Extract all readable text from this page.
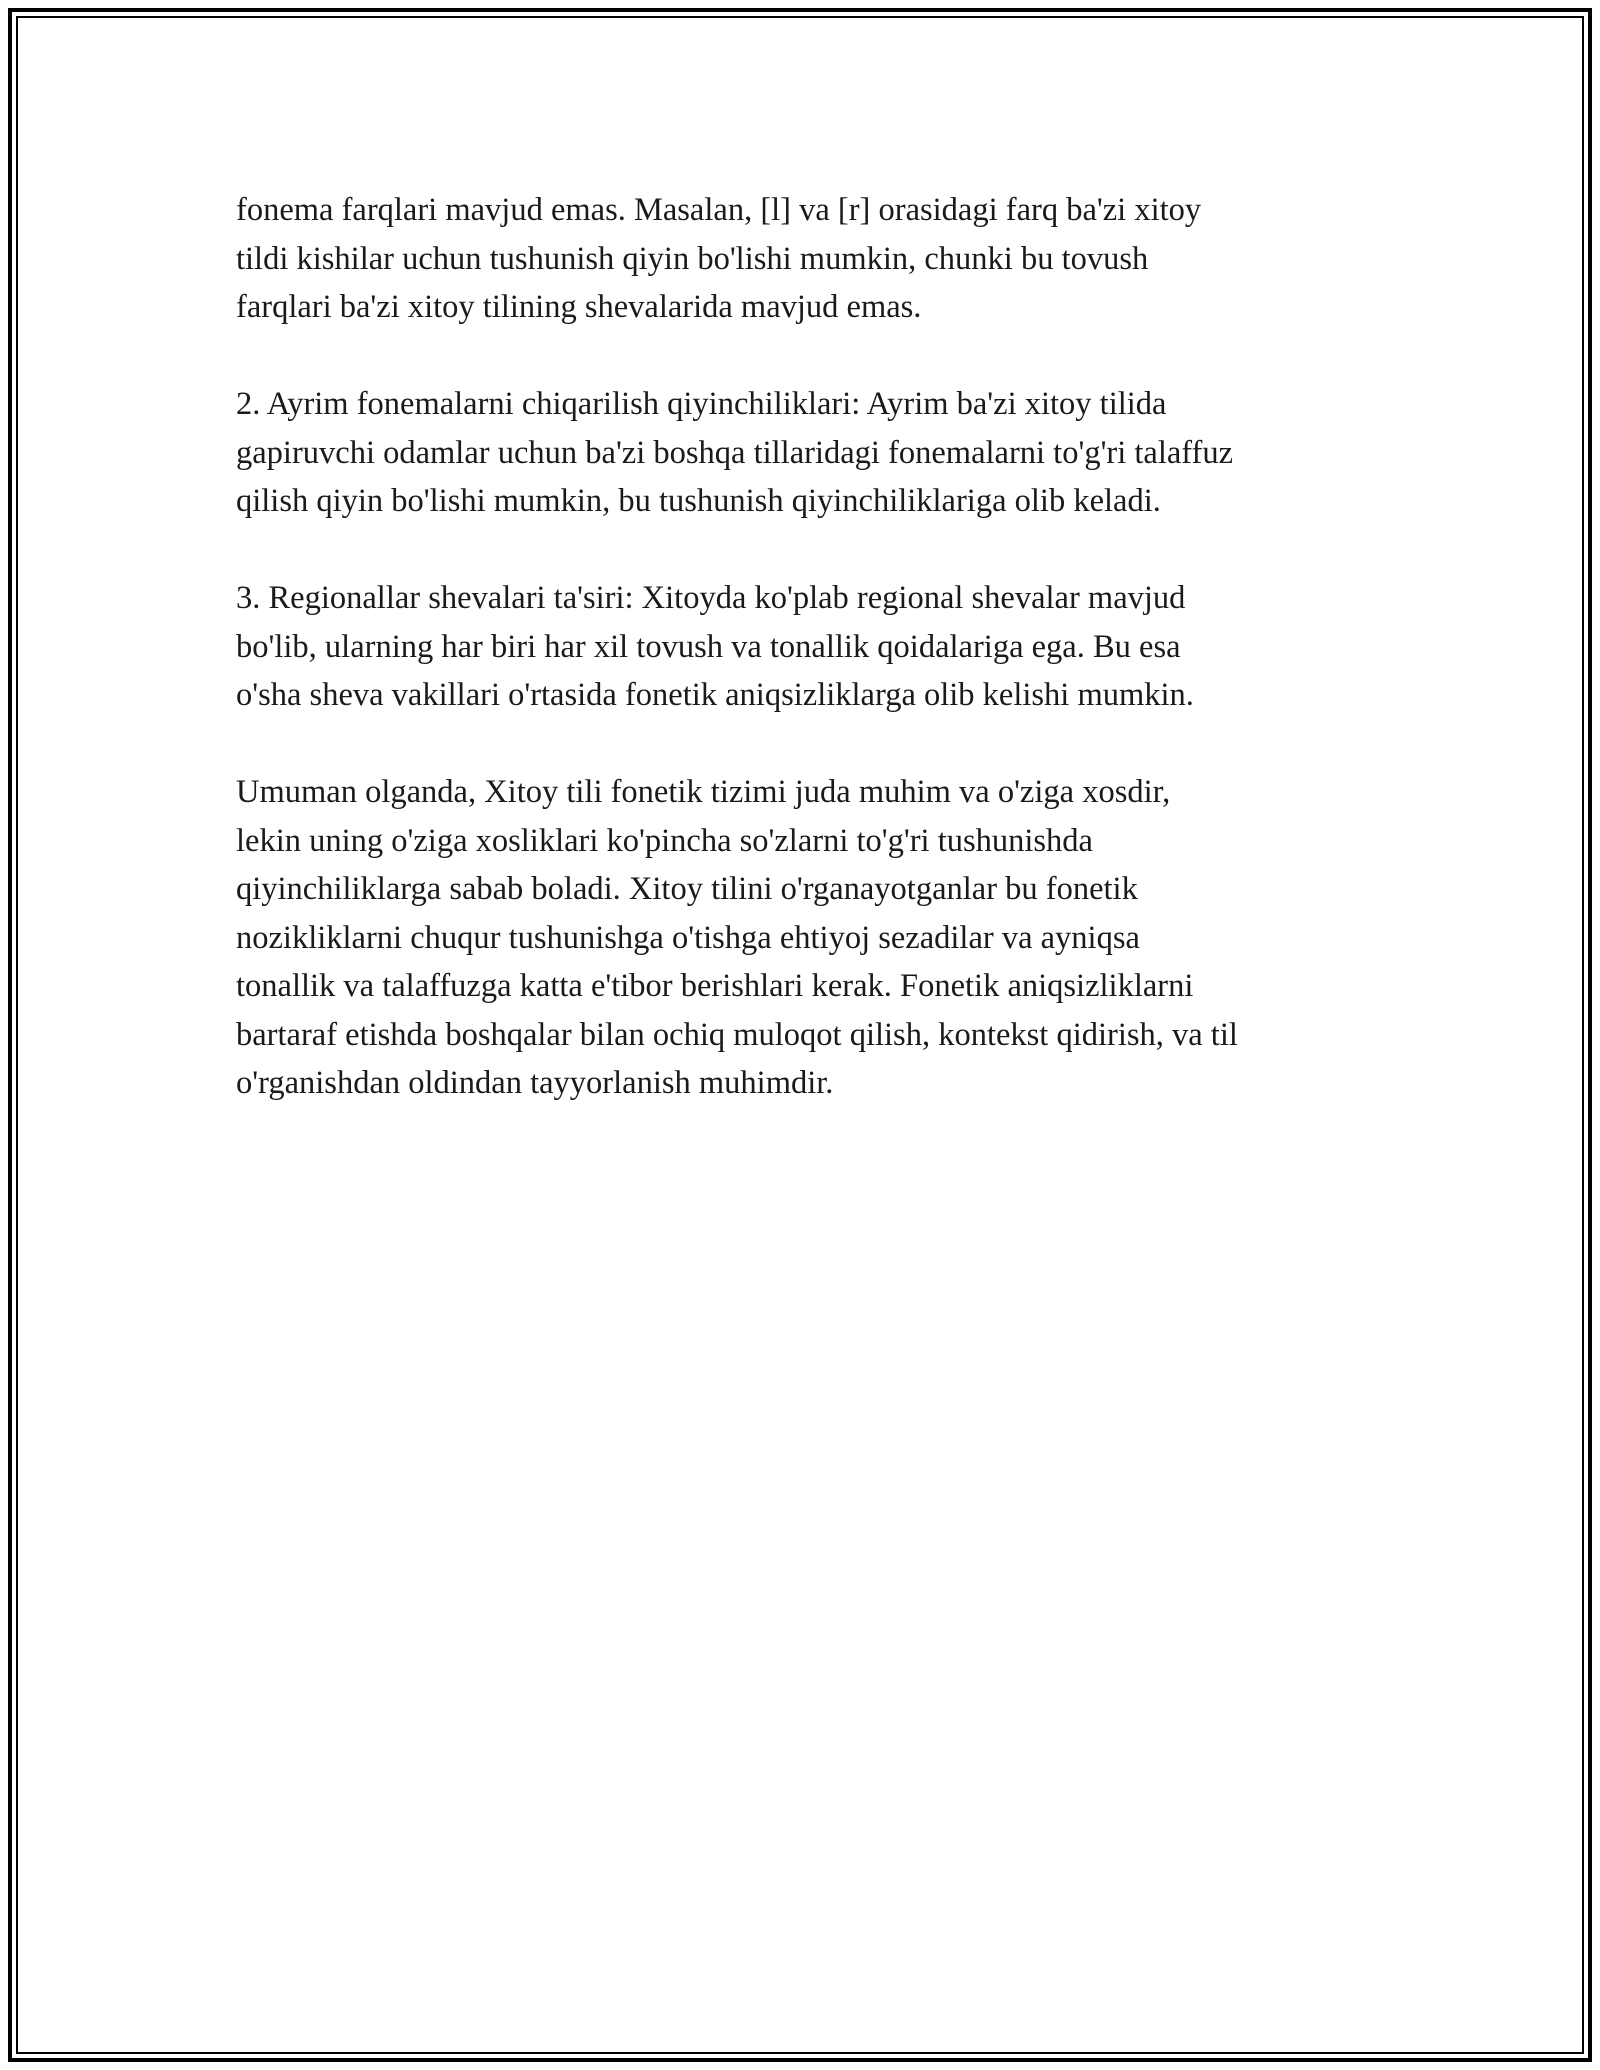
fonema farqlari mavjud emas. Masalan, [l] va [r] orasidagi farq ba'zi xitoy
tildi kishilar uchun tushunish qiyin bo'lishi mumkin, chunki bu tovush
farqlari ba'zi xitoy tilining shevalarida mavjud emas.

2. Ayrim fonemalarni chiqarilish qiyinchiliklari: Ayrim ba'zi xitoy tilida
gapiruvchi odamlar uchun ba'zi boshqa tillaridagi fonemalarni to'g'ri talaffuz
qilish qiyin bo'lishi mumkin, bu tushunish qiyinchiliklariga olib keladi.

3. Regionallar shevalari ta'siri: Xitoyda ko'plab regional shevalar mavjud
bo'lib, ularning har biri har xil tovush va tonallik qoidalariga ega. Bu esa
o'sha sheva vakillari o'rtasida fonetik aniqsizliklarga olib kelishi mumkin.

Umuman olganda, Xitoy tili fonetik tizimi juda muhim va o'ziga xosdir,
lekin uning o'ziga xosliklari ko'pincha so'zlarni to'g'ri tushunishda
qiyinchiliklarga sabab boladi. Xitoy tilini o'rganayotganlar bu fonetik
nozikliklarni chuqur tushunishga o'tishga ehtiyoj sezadilar va ayniqsa
tonallik va talaffuzga katta e'tibor berishlari kerak. Fonetik aniqsizliklarni
bartaraf etishda boshqalar bilan ochiq muloqot qilish, kontekst qidirish, va til
o'rganishdan oldindan tayyorlanish muhimdir.
